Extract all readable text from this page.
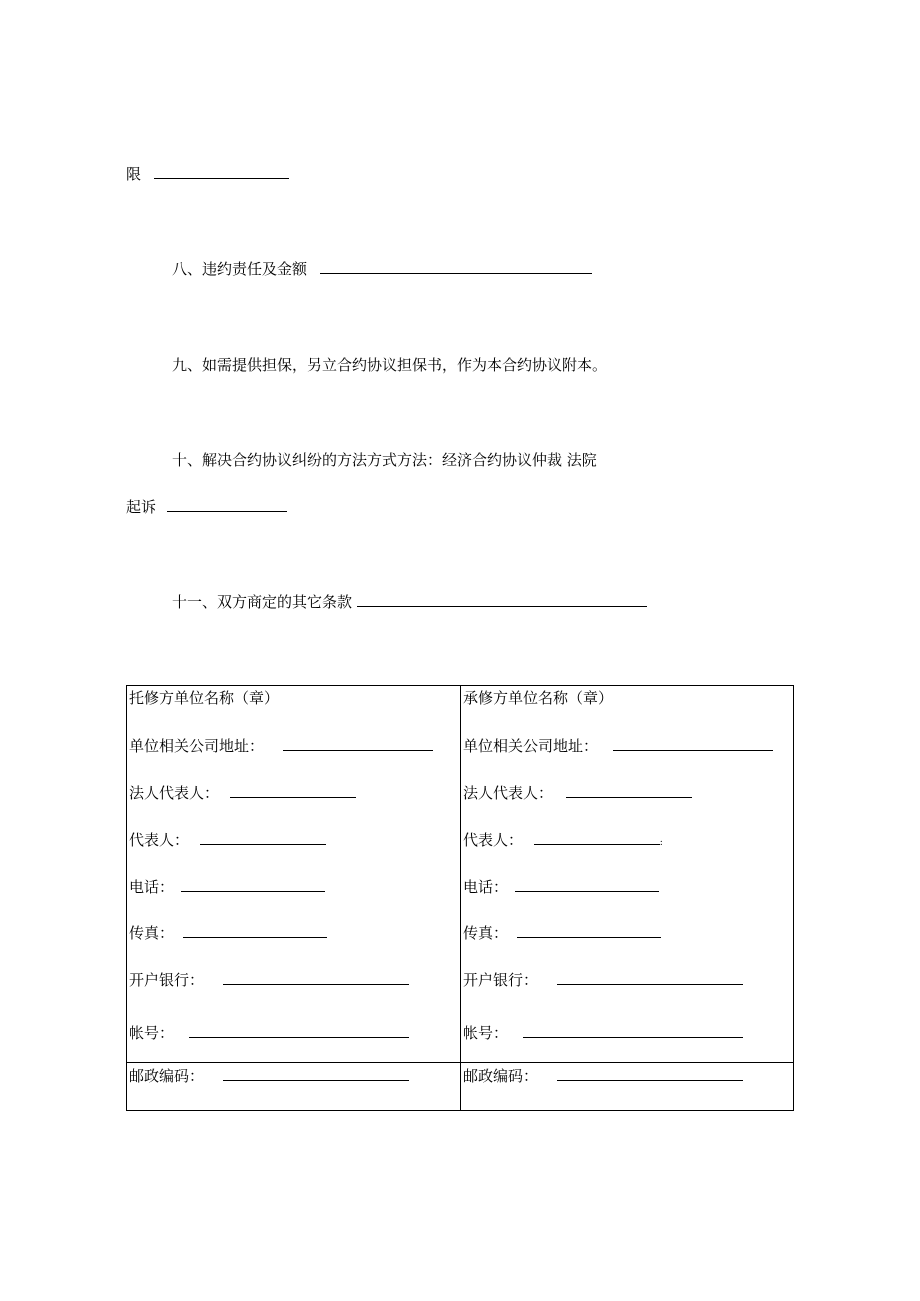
限
八、违约责任及金额
九、如需提供担保，另立合约协议担保书，作为本合约协议附本。
十、解决合约协议纠纷的方法方式方法：经济合约协议仲裁 法院
起诉
十一、双方商定的其它条款
托修方单位名称（章）
单位相关公司地址：
法人代表人：
代表人：
电话：
传真：
开户银行：
帐号：
邮政编码：
承修方单位名称（章）
单位相关公司地址：
法人代表人：
代表人：	:
电话：
传真：
开户银行：
帐号：
邮政编码：
